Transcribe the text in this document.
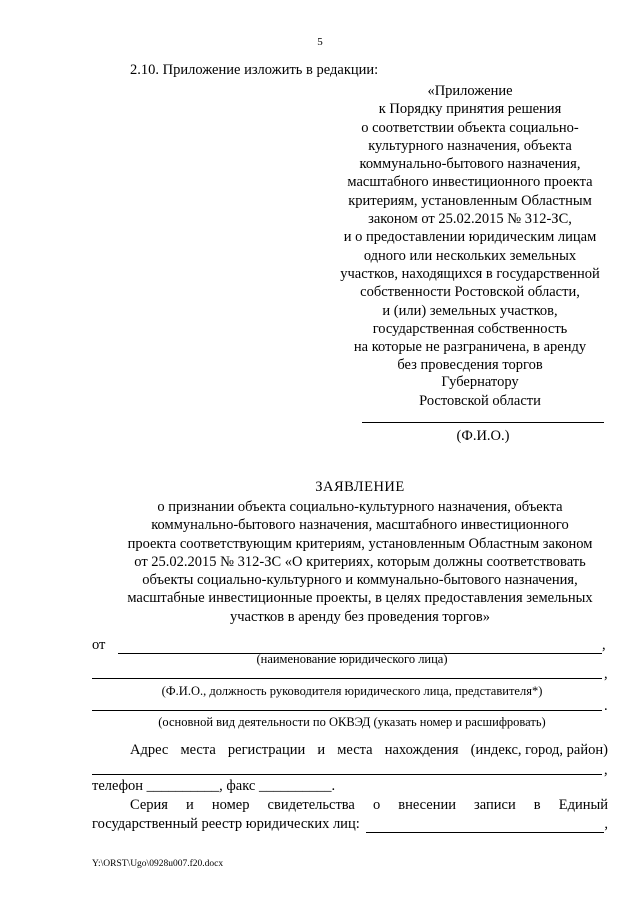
5
2.10. Приложение изложить в редакции:
«Приложение
к Порядку принятия решения
о соответствии объекта социально-
культурного назначения, объекта
коммунально-бытового назначения,
масштабного инвестиционного проекта
критериям, установленным Областным
законом от 25.02.2015 № 312-ЗС,
и о предоставлении юридическим лицам
одного или нескольких земельных
участков, находящихся в государственной
собственности Ростовской области,
и (или) земельных участков,
государственная собственность
на которые не разграничена, в аренду
без провесдения торгов
Губернатору
Ростовской области
(Ф.И.О.)
ЗАЯВЛЕНИЕ
о признании объекта социально-культурного назначения, объекта
коммунально-бытового назначения, масштабного инвестиционного
проекта соответствующим критериям, установленным Областным законом
от 25.02.2015 № 312-ЗС «О критериях, которым должны соответствовать
объекты социально-культурного и коммунально-бытового назначения,
масштабные инвестиционные проекты, в целях предоставления земельных
участков в аренду без проведения торгов»
от	,
(наименование юридического лица)
,
(Ф.И.О., должность руководителя юридического лица, представителя*)
.
(основной вид деятельности по ОКВЭД (указать номер и расшифровать)
Адрес места регистрации и места нахождения (индекс, город, район)
,
телефон __________, факс __________.
Серия и номер свидетельства о внесении записи в Единый
государственный реестр юридических лиц:	,
Y:\ORST\Ugo\0928u007.f20.docx
